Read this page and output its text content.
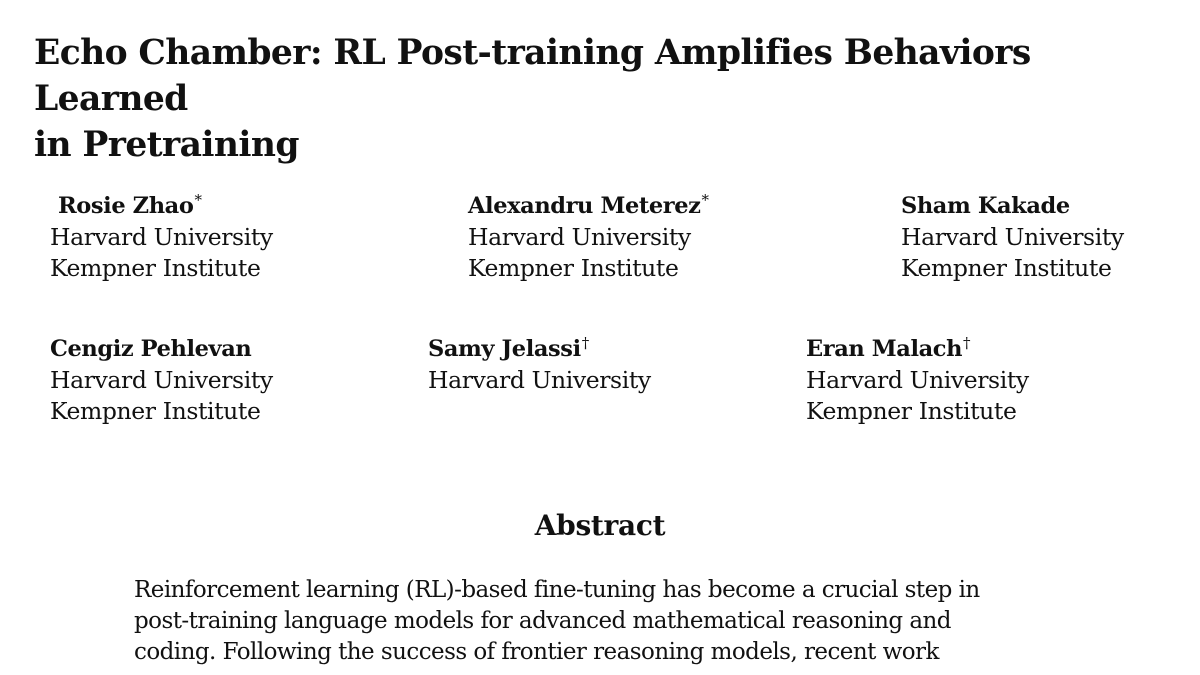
Echo Chamber: RL Post-training Amplifies Behaviors Learned
in Pretraining
Rosie Zhao*
Harvard University
Kempner Institute
Alexandru Meterez*
Harvard University
Kempner Institute
Sham Kakade
Harvard University
Kempner Institute
Cengiz Pehlevan
Harvard University
Kempner Institute
Samy Jelassi†
Harvard University
Eran Malach†
Harvard University
Kempner Institute
Abstract
Reinforcement learning (RL)-based fine-tuning has become a crucial step in
post-training language models for advanced mathematical reasoning and
coding. Following the success of frontier reasoning models, recent work
